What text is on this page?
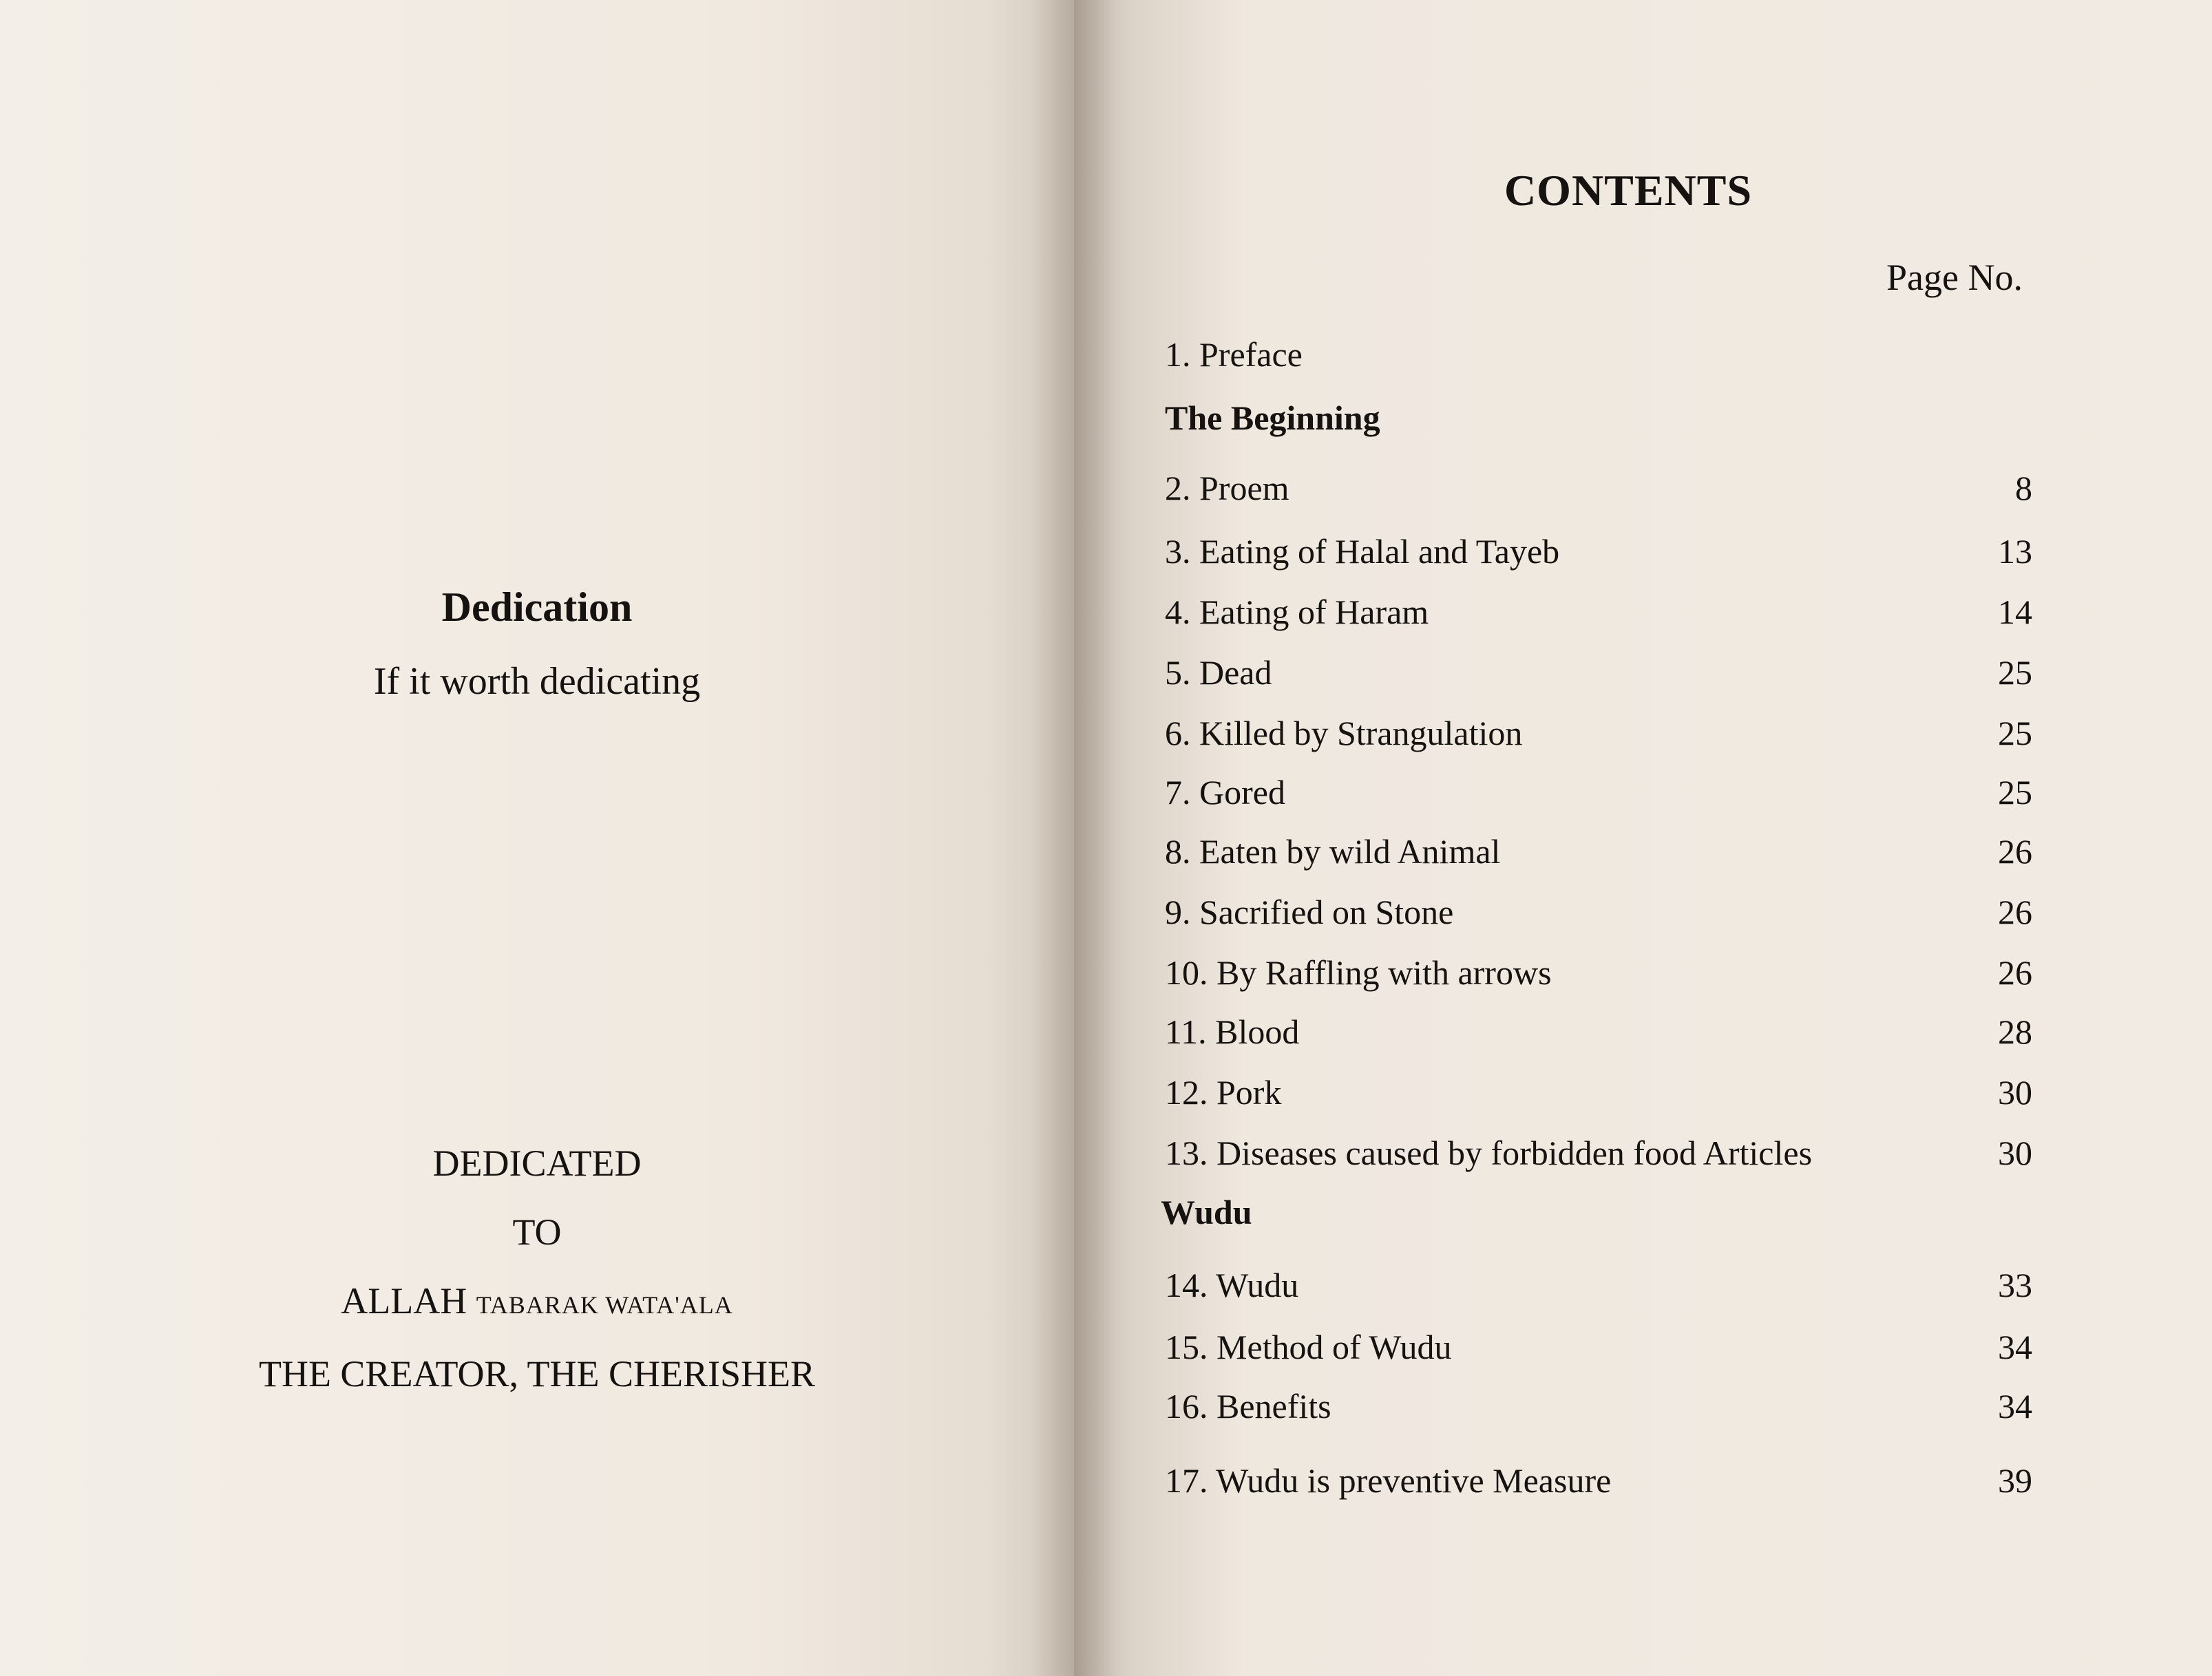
Dedication
If it worth dedicating
DEDICATED
TO
ALLAH TABARAK WATA'ALA
THE CREATOR, THE CHERISHER
CONTENTS
Page No.
1. Preface
The Beginning
2. Proem	8
3. Eating of Halal and Tayeb	13
4. Eating of Haram	14
5. Dead	25
6. Killed by Strangulation	25
7. Gored	25
8. Eaten by wild Animal	26
9. Sacrified on Stone	26
10. By Raffling with arrows	26
11. Blood	28
12. Pork	30
13. Diseases caused by forbidden food Articles	30
Wudu
14. Wudu	33
15. Method of Wudu	34
16. Benefits	34
17. Wudu is preventive Measure	39
